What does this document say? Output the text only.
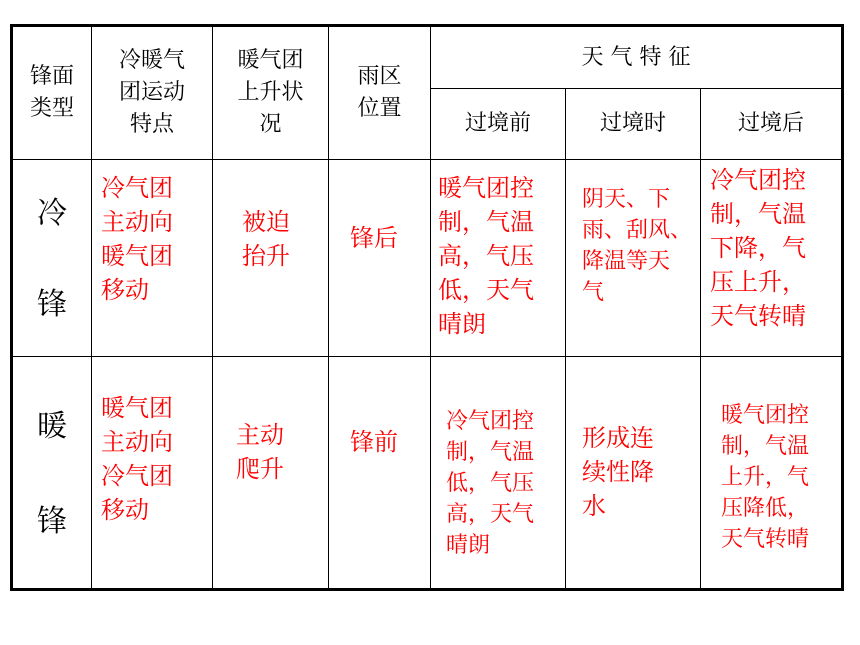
锋面
类型
冷暖气
团运动
特点
暖气团
上升状
况
雨区
位置
天 气 特 征
过境前	过境时	过境后
冷
锋
冷气团
主动向
暖气团
移动
被迫
抬升
锋后
暖气团控
制，气温
高，气压
低，天气
晴朗
阴天、下
雨、刮风、
降温等天
气
冷气团控
制，气温
下降，气
压上升，
天气转晴
暖
锋
暖气团
主动向
冷气团
移动
主动
爬升
锋前
冷气团控
制，气温
低，气压
高，天气
晴朗
形成连
续性降
水
暖气团控
制，气温
上升，气
压降低，
天气转晴
